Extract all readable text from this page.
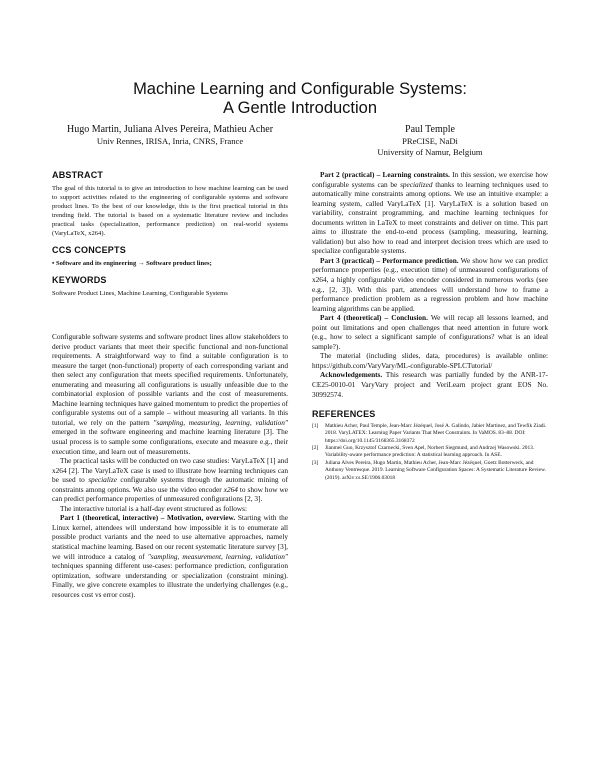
Machine Learning and Configurable Systems:
A Gentle Introduction
Hugo Martin, Juliana Alves Pereira, Mathieu Acher
Univ Rennes, IRISA, Inria, CNRS, France
Paul Temple
PReCISE, NaDi
University of Namur, Belgium
ABSTRACT

The goal of this tutorial is to give an introduction to how machine learning can be used to support activities related to the engineering of configurable systems and software product lines. To the best of our knowledge, this is the first practical tutorial in this trending field. The tutorial is based on a systematic literature review and includes practical tasks (specialization, performance prediction) on real-world systems (VaryLaTeX, x264).

CCS CONCEPTS

• Software and its engineering → Software product lines;

KEYWORDS

Software Product Lines, Machine Learning, Configurable Systems

Configurable software systems and software product lines allow stakeholders to derive product variants that meet their specific functional and non-functional requirements. A straightforward way to find a suitable configuration is to measure the target (non-functional) property of each corresponding variant and then select any configuration that meets specified requirements. Unfortunately, enumerating and measuring all configurations is usually unfeasible due to the combinatorial explosion of possible variants and the cost of measurements. Machine learning techniques have gained momentum to predict the properties of configurable systems out of a sample – without measuring all variants. In this tutorial, we rely on the pattern "sampling, measuring, learning, validation" emerged in the software engineering and machine learning literature [3]. The usual process is to sample some configurations, execute and measure e.g., their execution time, and learn out of measurements.

The practical tasks will be conducted on two case studies: VaryLaTeX [1] and x264 [2]. The VaryLaTeX case is used to illustrate how learning techniques can be used to specialize configurable systems through the automatic mining of constraints among options. We also use the video encoder x264 to show how we can predict performance properties of unmeasured configurations [2, 3].

The interactive tutorial is a half-day event structured as follows:

Part 1 (theoretical, interactive) – Motivation, overview. Starting with the Linux kernel, attendees will understand how impossible it is to enumerate all possible product variants and the need to use alternative approaches, namely statistical machine learning. Based on our recent systematic literature survey [3], we will introduce a catalog of "sampling, measurement, learning, validation" techniques spanning different use-cases: performance prediction, configuration optimization, software understanding or specialization (constraint mining). Finally, we give concrete examples to illustrate the underlying challenges (e.g., resources cost vs error cost).

Part 2 (practical) – Learning constraints. In this session, we exercise how configurable systems can be specialized thanks to learning techniques used to automatically mine constraints among options. We use an intuitive example: a learning system, called VaryLaTeX [1]. VaryLaTeX is a solution based on variability, constraint programming, and machine learning techniques for documents written in LaTeX to meet constraints and deliver on time. This part aims to illustrate the end-to-end process (sampling, measuring, learning, validation) but also how to read and interpret decision trees which are used to specialize configurable systems.

Part 3 (practical) – Performance prediction. We show how we can predict performance properties (e.g., execution time) of unmeasured configurations of x264, a highly configurable video encoder considered in numerous works (see e.g., [2, 3]). With this part, attendees will understand how to frame a performance prediction problem as a regression problem and how machine learning algorithms can be applied.

Part 4 (theoretical) – Conclusion. We will recap all lessons learned, and point out limitations and open challenges that need attention in future work (e.g., how to select a significant sample of configurations? what is an ideal sample?).

The material (including slides, data, procedures) is available online: https://github.com/VaryVary/ML-configurable-SPLCTutorial/

Acknowledgements. This research was partially funded by the ANR-17-CE25-0010-01 VaryVary project and VeriLearn project grant EOS No. 30992574.

REFERENCES
[1]	Mathieu Acher, Paul Temple, Jean-Marc Jézéquel, José A. Galindo, Jabier Martinez, and Tewfik Ziadi. 2018. VaryLATEX: Learning Paper Variants That Meet Constraints. In VaMOS. 83–88. DOI: https://doi.org/10.1145/3168365.3168372
[2]	Jianmei Guo, Krzysztof Czarnecki, Sven Apel, Norbert Siegmund, and Andrzej Wasowski. 2013. Variability-aware performance prediction: A statistical learning approach. In ASE.
[3]	Juliana Alves Pereira, Hugo Martin, Mathieu Acher, Jean-Marc Jézéquel, Goetz Botterweck, and Anthony Ventresque. 2019. Learning Software Configuration Spaces: A Systematic Literature Review. (2019). arXiv:cs.SE/1906.03018
